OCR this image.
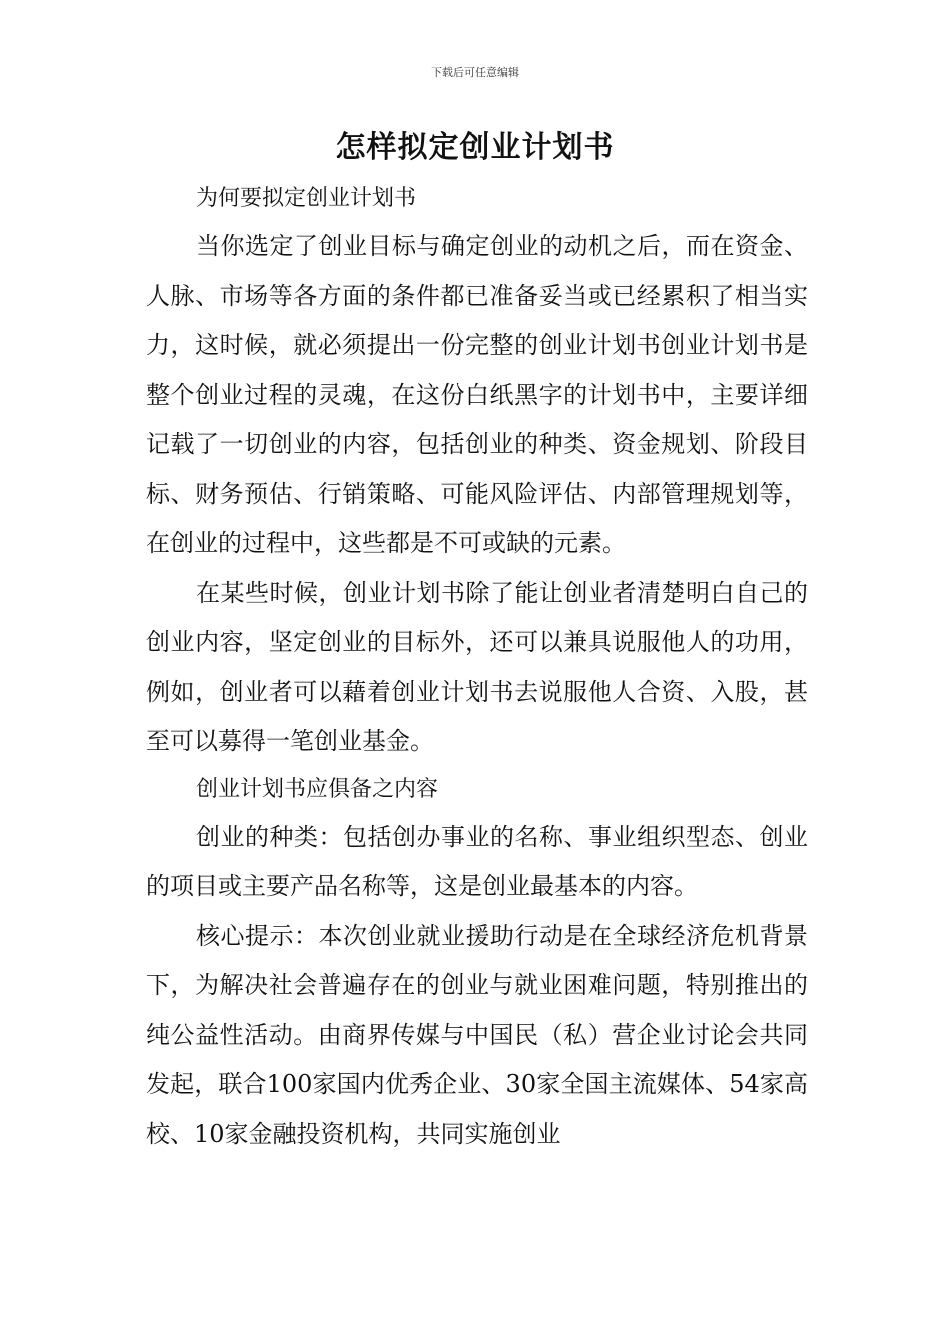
下载后可任意编辑
怎样拟定创业计划书
为何要拟定创业计划书

当你选定了创业目标与确定创业的动机之后，而在资金、人脉、市场等各方面的条件都已准备妥当或已经累积了相当实力，这时候，就必须提出一份完整的创业计划书创业计划书是整个创业过程的灵魂，在这份白纸黑字的计划书中，主要详细记载了一切创业的内容，包括创业的种类、资金规划、阶段目标、财务预估、行销策略、可能风险评估、内部管理规划等，在创业的过程中，这些都是不可或缺的元素。

在某些时候，创业计划书除了能让创业者清楚明白自己的创业内容，坚定创业的目标外，还可以兼具说服他人的功用，例如，创业者可以藉着创业计划书去说服他人合资、入股，甚至可以募得一笔创业基金。

创业计划书应俱备之内容

创业的种类：包括创办事业的名称、事业组织型态、创业的项目或主要产品名称等，这是创业最基本的内容。

核心提示：本次创业就业援助行动是在全球经济危机背景下，为解决社会普遍存在的创业与就业困难问题，特别推出的纯公益性活动。由商界传媒与中国民（私）营企业讨论会共同发起，联合100家国内优秀企业、30家全国主流媒体、54家高校、10家金融投资机构，共同实施创业
